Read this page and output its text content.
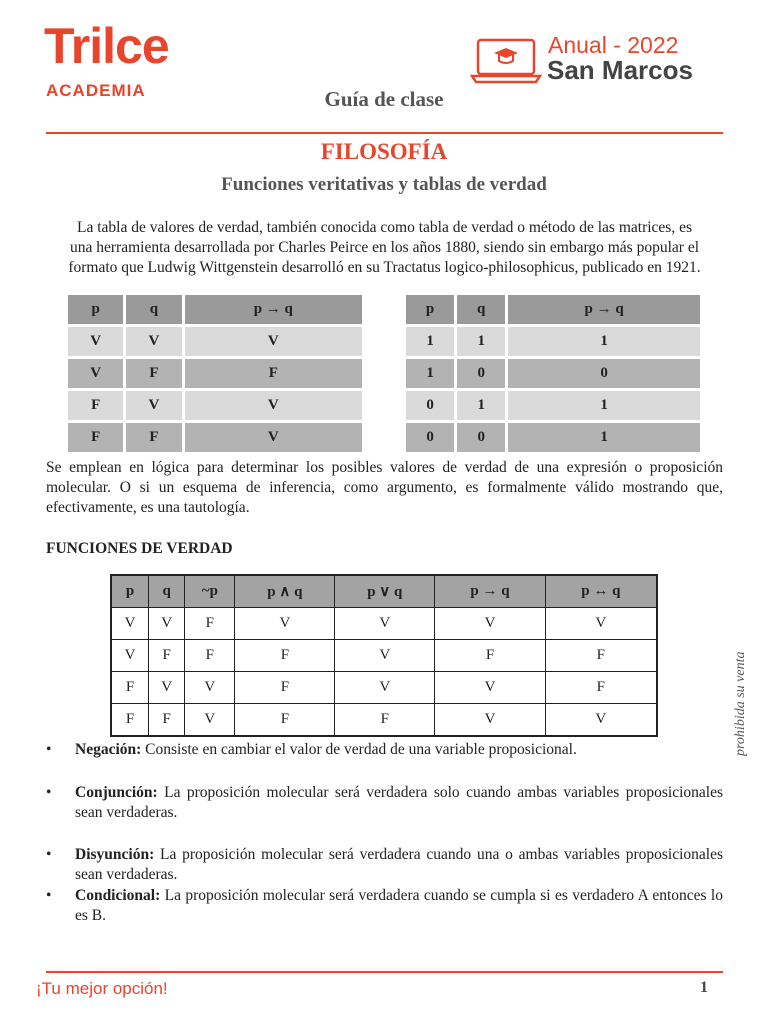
Trilce
ACADEMIA
Anual - 2022
San Marcos
Guía de clase
FILOSOFÍA
Funciones veritativas y tablas de verdad
La tabla de valores de verdad, también conocida como tabla de verdad o método de las matrices, es
una herramienta desarrollada por Charles Peirce en los años 1880, siendo sin embargo más popular el
formato que Ludwig Wittgenstein desarrolló en su Tractatus logico-philosophicus, publicado en 1921.
p	q	p → q
V	V	V
V	F	F
F	V	V
F	F	V
p	q	p → q
1	1	1
1	0	0
0	1	1
0	0	1
Se emplean en lógica para determinar los posibles valores de verdad de una expresión o proposición molecular. O si un esquema de inferencia, como argumento, es formalmente válido mostrando que, efectivamente, es una tautología.
FUNCIONES DE VERDAD
p	q	~p	p ∧ q	p ∨ q	p → q	p ↔ q
V	V	F	V	V	V	V
V	F	F	F	V	F	F
F	V	V	F	V	V	F
F	F	V	F	F	V	V	prohibida su venta
• Negación: Consiste en cambiar el valor de verdad de una variable proposicional.
• Conjunción: La proposición molecular será verdadera solo cuando ambas variables proposicionales sean verdaderas.
• Disyunción: La proposición molecular será verdadera cuando una o ambas variables proposicionales sean verdaderas.
• Condicional: La proposición molecular será verdadera cuando se cumpla si es verdadero A entonces lo es B.
¡Tu mejor opción!	1
